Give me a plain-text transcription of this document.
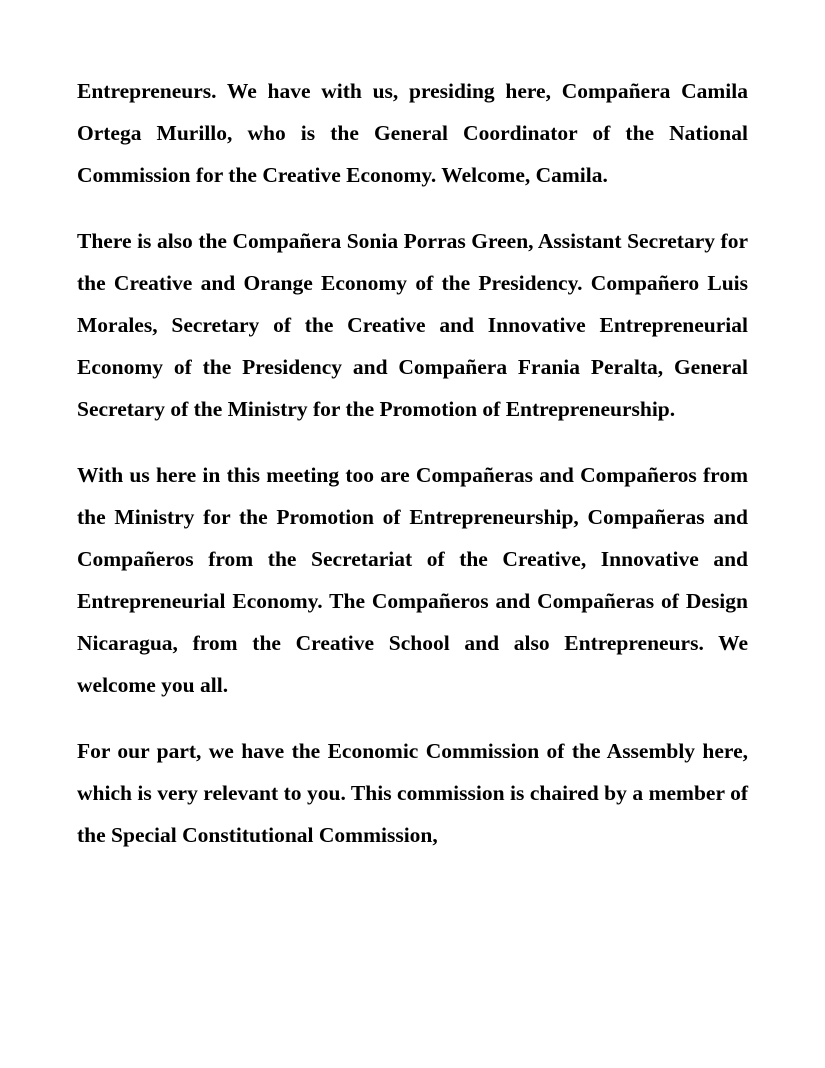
Entrepreneurs. We have with us, presiding here, Compañera Camila Ortega Murillo, who is the General Coordinator of the National Commission for the Creative Economy. Welcome, Camila.

There is also the Compañera Sonia Porras Green, Assistant Secretary for the Creative and Orange Economy of the Presidency. Compañero Luis Morales, Secretary of the Creative and Innovative Entrepreneurial Economy of the Presidency and Compañera Frania Peralta, General Secretary of the Ministry for the Promotion of Entrepreneurship.

With us here in this meeting too are Compañeras and Compañeros from the Ministry for the Promotion of Entrepreneurship, Compañeras and Compañeros from the Secretariat of the Creative, Innovative and Entrepreneurial Economy. The Compañeros and Compañeras of Design Nicaragua, from the Creative School and also Entrepreneurs. We welcome you all.

For our part, we have the Economic Commission of the Assembly here, which is very relevant to you. This commission is chaired by a member of the Special Constitutional Commission,
